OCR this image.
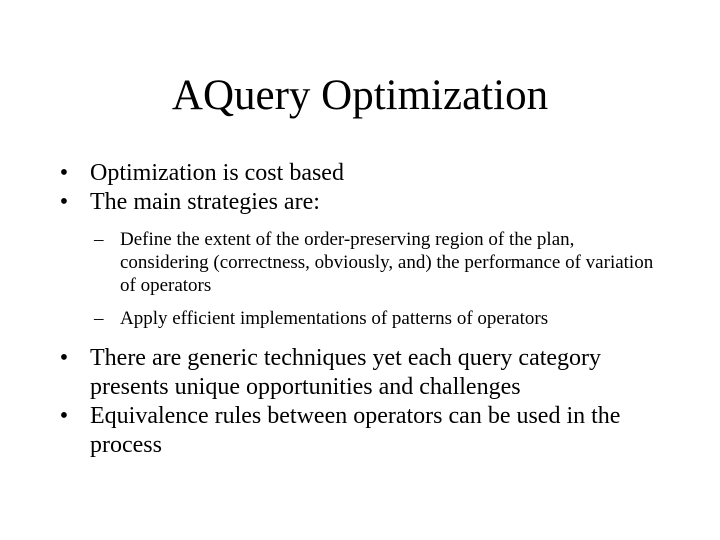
AQuery Optimization

• Optimization is cost based

• The main strategies are:

– Define the extent of the order-preserving region of the plan, considering (correctness, obviously, and) the performance of variation of operators

– Apply efficient implementations of patterns of operators

• There are generic techniques yet each query category presents unique opportunities and challenges

• Equivalence rules between operators can be used in the process
